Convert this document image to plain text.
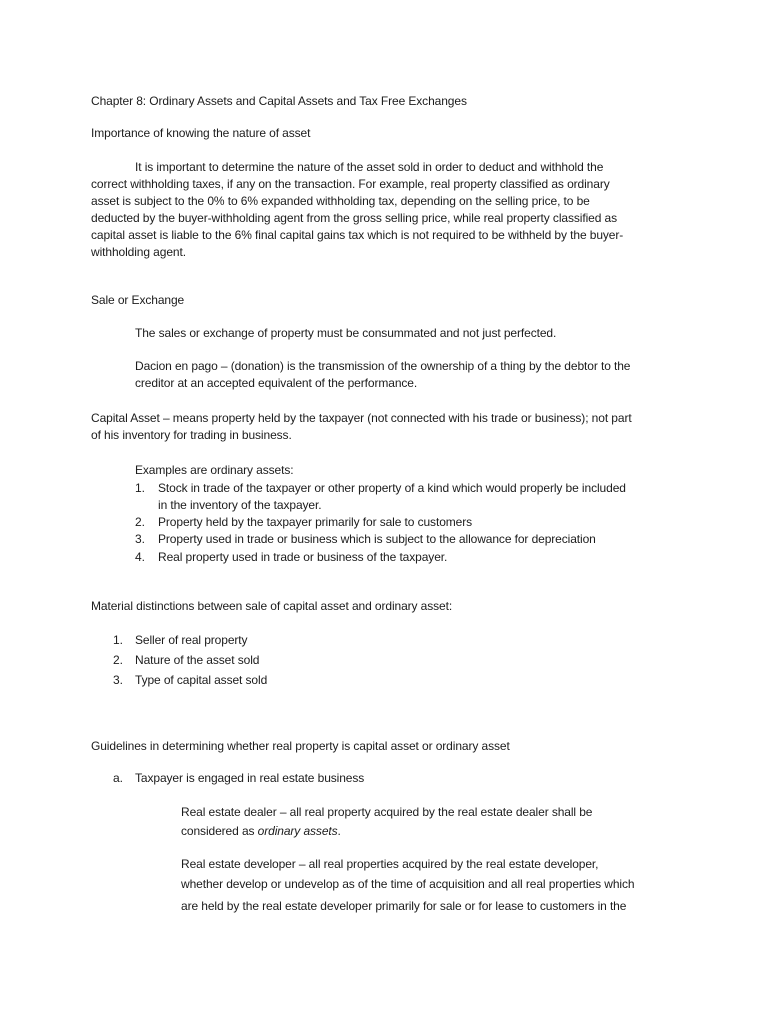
Chapter 8: Ordinary Assets and Capital Assets and Tax Free Exchanges
Importance of knowing the nature of asset
It is important to determine the nature of the asset sold in order to deduct and withhold the
correct withholding taxes, if any on the transaction. For example, real property classified as ordinary
asset is subject to the 0% to 6% expanded withholding tax, depending on the selling price, to be
deducted by the buyer-withholding agent from the gross selling price, while real property classified as
capital asset is liable to the 6% final capital gains tax which is not required to be withheld by the buyer-
withholding agent.
Sale or Exchange
The sales or exchange of property must be consummated and not just perfected.
Dacion en pago – (donation) is the transmission of the ownership of a thing by the debtor to the
creditor at an accepted equivalent of the performance.
Capital Asset – means property held by the taxpayer (not connected with his trade or business); not part
of his inventory for trading in business.
Examples are ordinary assets:
1. Stock in trade of the taxpayer or other property of a kind which would properly be included
in the inventory of the taxpayer.
2. Property held by the taxpayer primarily for sale to customers
3. Property used in trade or business which is subject to the allowance for depreciation
4. Real property used in trade or business of the taxpayer.
Material distinctions between sale of capital asset and ordinary asset:
1. Seller of real property
2. Nature of the asset sold
3. Type of capital asset sold
Guidelines in determining whether real property is capital asset or ordinary asset
a. Taxpayer is engaged in real estate business
Real estate dealer – all real property acquired by the real estate dealer shall be
considered as ordinary assets.
Real estate developer – all real properties acquired by the real estate developer,
whether develop or undevelop as of the time of acquisition and all real properties which
are held by the real estate developer primarily for sale or for lease to customers in the
